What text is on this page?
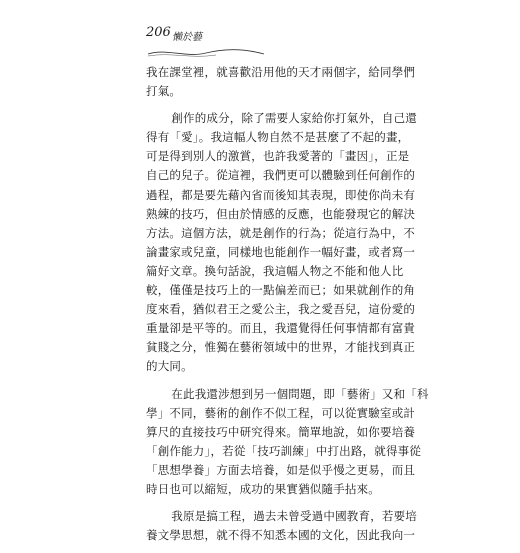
206 懶於藝

我在課堂裡，就喜歡沿用他的天才兩個字，給同學們
打氣。

創作的成分，除了需要人家給你打氣外，自己還
得有「愛」。我這幅人物自然不是甚麼了不起的畫，
可是得到別人的激賞，也許我愛著的「畫因」，正是
自己的兒子。從這裡，我們更可以體驗到任何創作的
過程，都是要先藉內省而後知其表現，即使你尚未有
熟練的技巧，但由於情感的反應，也能發現它的解決
方法。這個方法，就是創作的行為；從這行為中，不
論畫家或兒童，同樣地也能創作一幅好畫，或者寫一
篇好文章。換句話說，我這幅人物之不能和他人比
較，僅僅是技巧上的一點偏差而已；如果就創作的角
度來看，猶似君王之愛公主，我之愛吾兒，這份愛的
重量卻是平等的。而且，我還覺得任何事情都有富貴
貧賤之分，惟獨在藝術領域中的世界，才能找到真正
的大同。

在此我還涉想到另一個問題，即「藝術」又和「科
學」不同，藝術的創作不似工程，可以從實驗室或計
算尺的直接技巧中研究得來。簡單地說，如你要培養
「創作能力」，若從「技巧訓練」中打出路，就得事從
「思想學養」方面去培養，如是似乎慢之更易，而且
時日也可以縮短，成功的果實猶似隨手拈來。

我原是搞工程，過去未曾受過中國教育，若要培
養文學思想，就不得不知悉本國的文化，因此我向一
